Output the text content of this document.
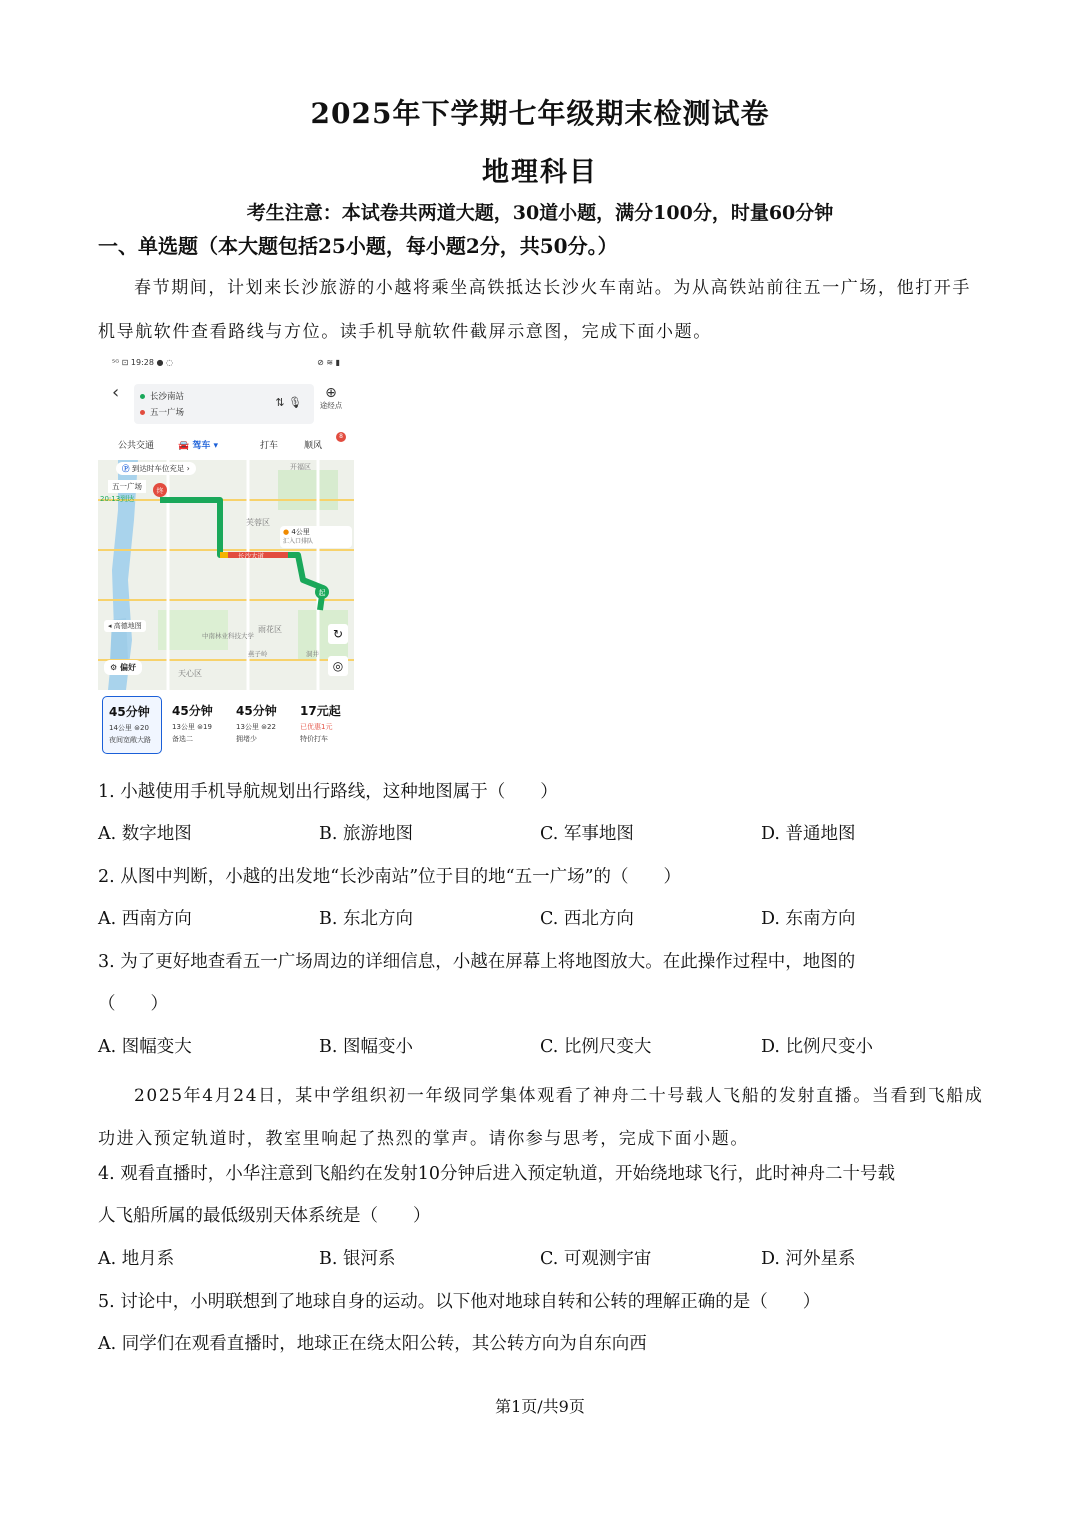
2025年下学期七年级期末检测试卷
地理科目
考生注意：本试卷共两道大题，30道小题，满分100分，时量60分钟
一、单选题（本大题包括25小题，每小题2分，共50分。）
春节期间，计划来长沙旅游的小越将乘坐高铁抵达长沙火车南站。为从高铁站前往五一广场，他打开手机导航软件查看路线与方位。读手机导航软件截屏示意图，完成下面小题。
⁵ᴳ ⊡ 19:28 ● ◌	⊘ ≋ ▮
‹	长沙南站
五一广场
⇅ 🎙
⊕
途经点
公共交通	🚘 驾车 ▾	打车	顺风
8
终
起
开福区
芙蓉区
雨花区
天心区
中南林业科技大学
燕子岭	洞井
长沙大道
Ⓟ 到达时车位充足 ›
五一广场
20:13到达
● 4公里
汇入口排队
◂ 高德地图
⚙ 偏好
↻
◎
45分钟
14公里 ⊜20
夜间宽敞大路
45分钟
13公里 ⊜19
备选二
45分钟
13公里 ⊜22
拥堵少
17元起
已优惠1元
特价打车
1. 小越使用手机导航规划出行路线，这种地图属于（　　）
A. 数字地图	B. 旅游地图	C. 军事地图	D. 普通地图
2. 从图中判断，小越的出发地“长沙南站”位于目的地“五一广场”的（　　）
A. 西南方向	B. 东北方向	C. 西北方向	D. 东南方向
3. 为了更好地查看五一广场周边的详细信息，小越在屏幕上将地图放大。在此操作过程中，地图的
（　　）
A. 图幅变大	B. 图幅变小	C. 比例尺变大	D. 比例尺变小
2025年4月24日，某中学组织初一年级同学集体观看了神舟二十号载人飞船的发射直播。当看到飞船成功进入预定轨道时，教室里响起了热烈的掌声。请你参与思考，完成下面小题。
4. 观看直播时，小华注意到飞船约在发射10分钟后进入预定轨道，开始绕地球飞行，此时神舟二十号载
人飞船所属的最低级别天体系统是（　　）
A. 地月系	B. 银河系	C. 可观测宇宙	D. 河外星系
5. 讨论中，小明联想到了地球自身的运动。以下他对地球自转和公转的理解正确的是（　　）
A. 同学们在观看直播时，地球正在绕太阳公转，其公转方向为自东向西
第1页/共9页
